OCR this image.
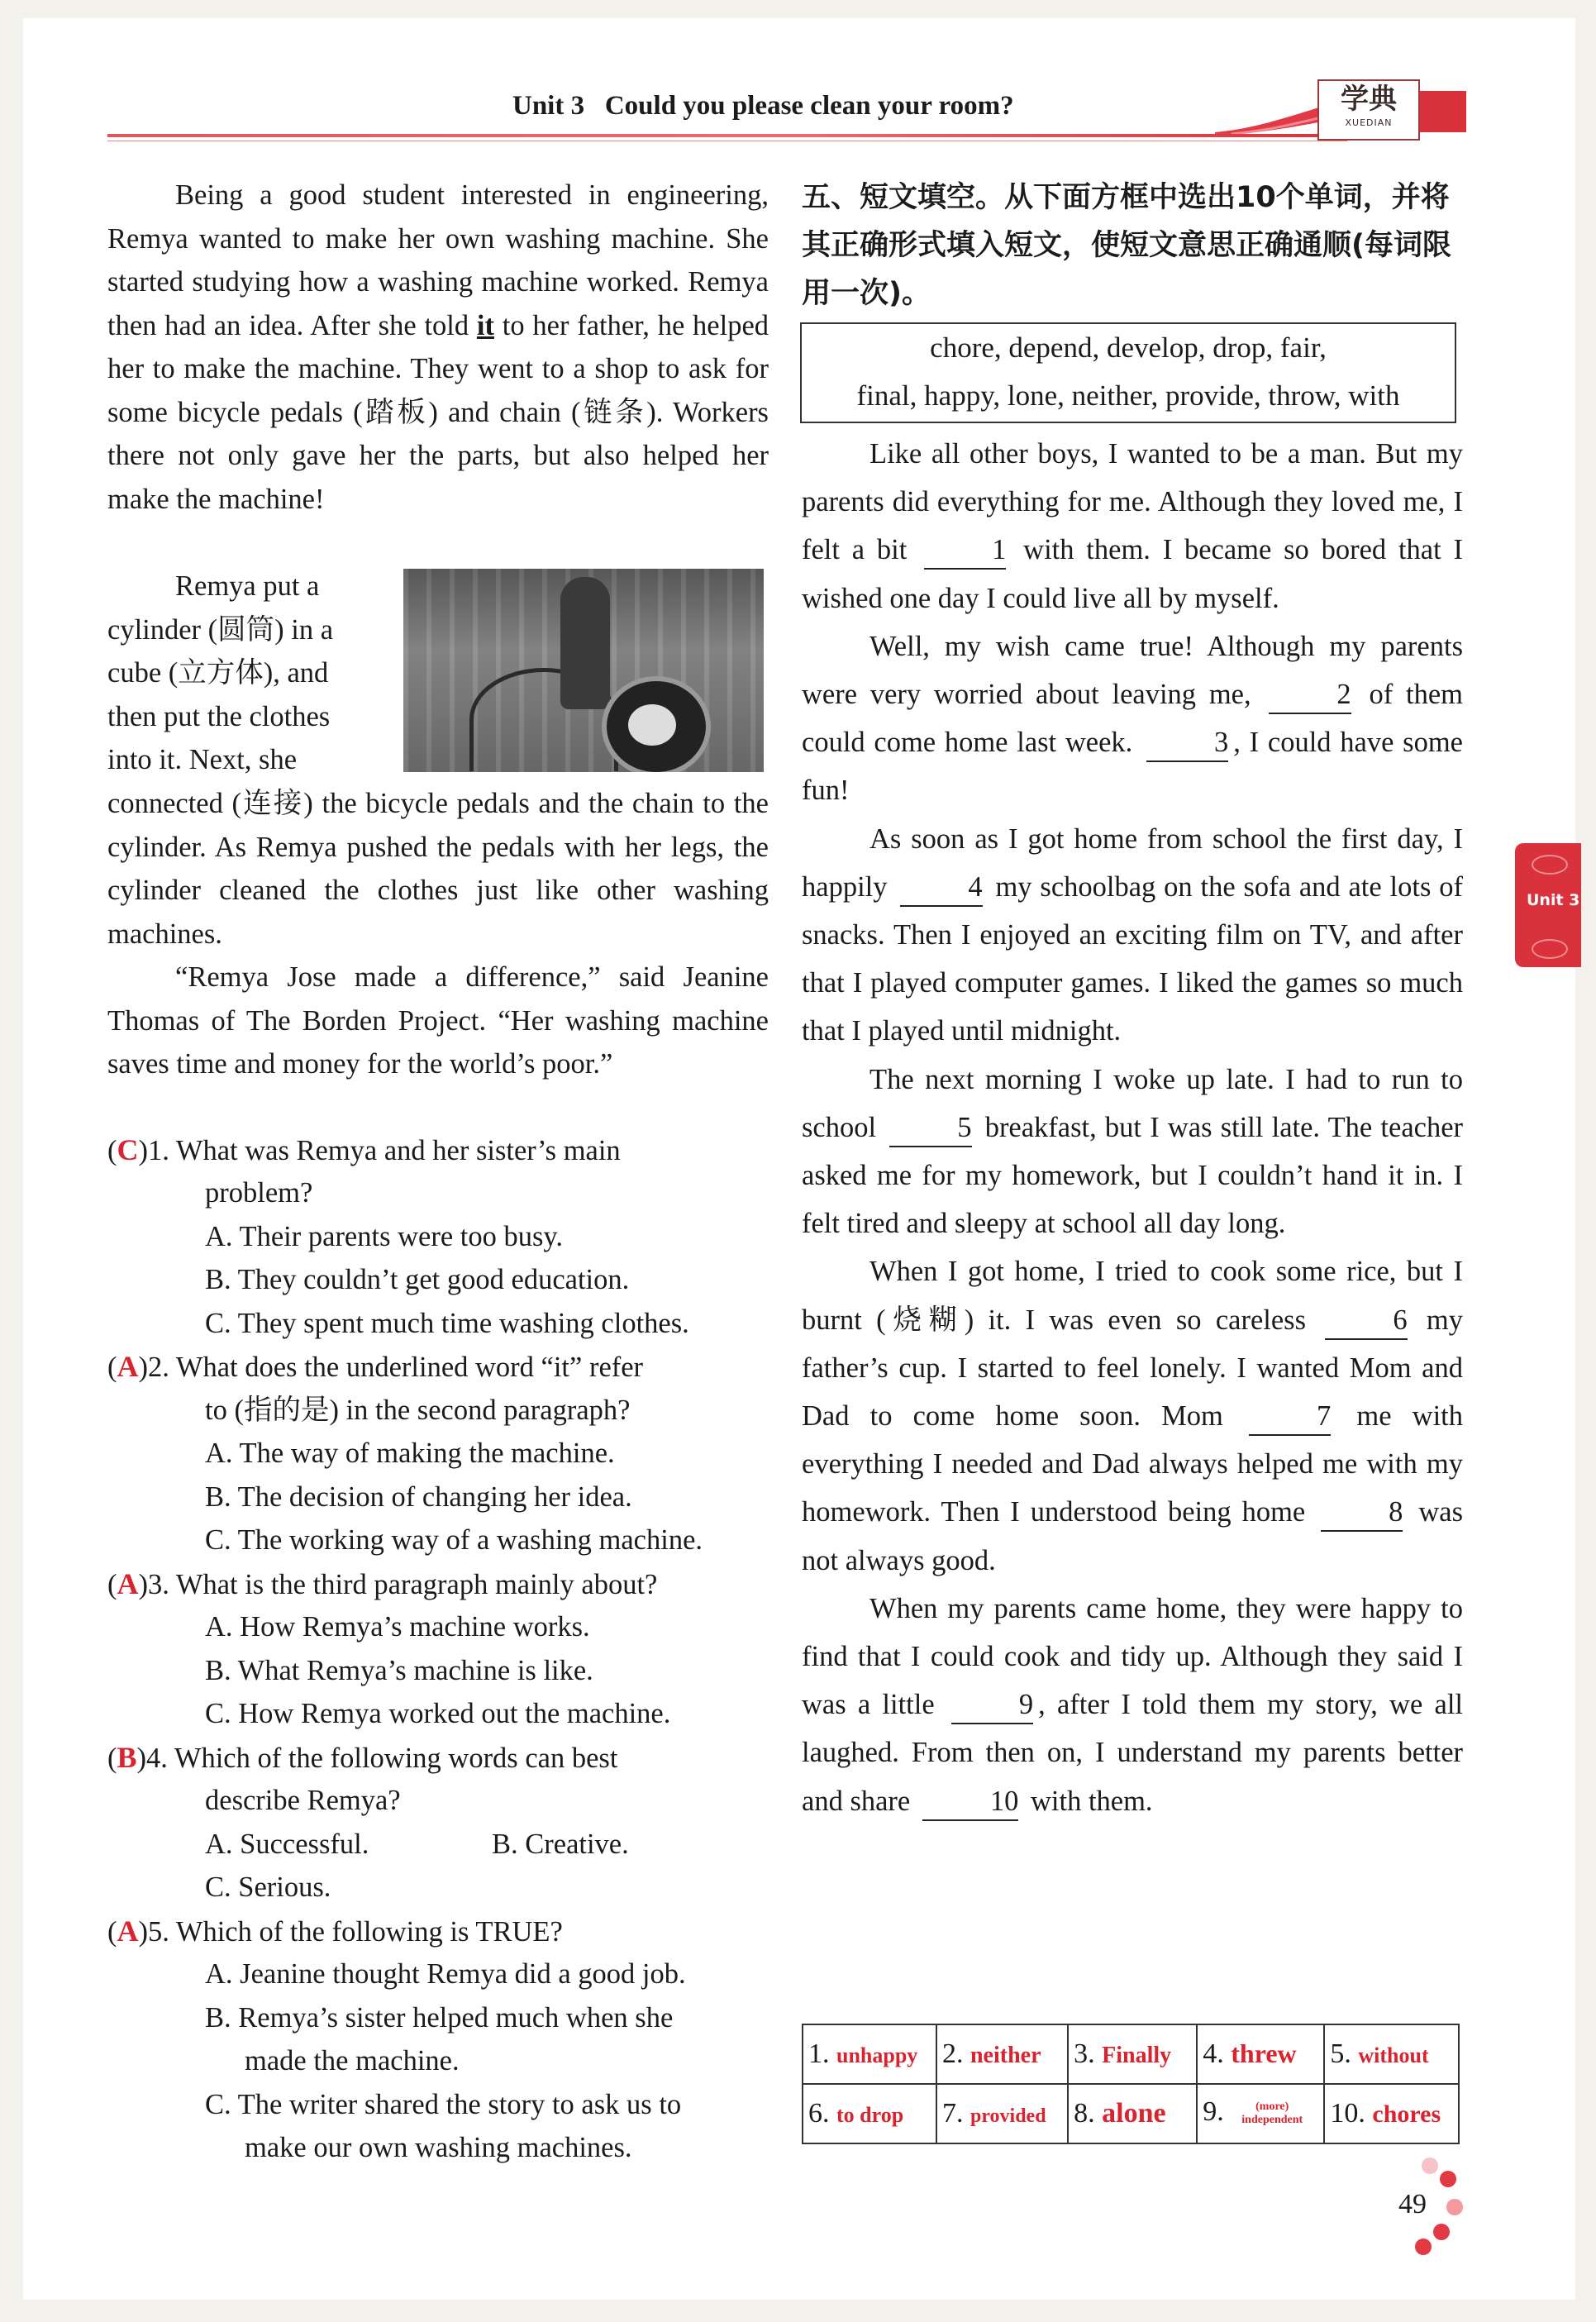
Unit 3   Could you please clean your room?	学典
XUEDIAN
Unit 3

Being a good student interested in engineering, Remya wanted to make her own washing machine. She started studying how a washing machine worked. Remya then had an idea. After she told it to her father, he helped her to make the machine. They went to a shop to ask for some bicycle pedals (踏板) and chain (链条). Workers there not only gave her the parts, but also helped her make the machine!

Remya put a
cylinder (圆筒) in a
cube (立方体), and
then put the clothes
into it. Next, she

connected (连接) the bicycle pedals and the chain to the cylinder. As Remya pushed the pedals with her legs, the cylinder cleaned the clothes just like other washing machines.

“Remya Jose made a difference,” said Jeanine Thomas of The Borden Project. “Her washing machine saves time and money for the world’s poor.”

(C)1. What was Remya and her sister’s main
problem?
A. Their parents were too busy.
B. They couldn’t get good education.
C. They spent much time washing clothes.
(A)2. What does the underlined word “it” refer
to (指的是) in the second paragraph?
A. The way of making the machine.
B. The decision of changing her idea.
C. The working way of a washing machine.
(A)3. What is the third paragraph mainly about?
A. How Remya’s machine works.
B. What Remya’s machine is like.
C. How Remya worked out the machine.
(B)4. Which of the following words can best
describe Remya?
A. Successful.	B. Creative.
C. Serious.
(A)5. Which of the following is TRUE?
A. Jeanine thought Remya did a good job.
B. Remya’s sister helped much when she
made the machine.
C. The writer shared the story to ask us to
make our own washing machines.
五、短文填空。从下面方框中选出10个单词，并将其正确形式填入短文，使短文意思正确通顺(每词限用一次)。
chore, depend, develop, drop, fair,
final, happy, lone, neither, provide, throw, with

Like all other boys, I wanted to be a man. But my parents did everything for me. Although they loved me, I felt a bit	1 with them. I became so bored that I wished one day I could live all by myself.

Well, my wish came true! Although my parents were very worried about leaving me,	2 of them could come home last week.	3 , I could have some fun!

As soon as I got home from school the first day, I happily	4 my schoolbag on the sofa and ate lots of snacks. Then I enjoyed an exciting film on TV, and after that I played computer games. I liked the games so much that I played until midnight.

The next morning I woke up late. I had to run to school	5 breakfast, but I was still late. The teacher asked me for my homework, but I couldn’t hand it in. I felt tired and sleepy at school all day long.

When I got home, I tried to cook some rice, but I burnt (烧糊) it. I was even so careless	6 my father’s cup. I started to feel lonely. I wanted Mom and Dad to come home soon. Mom	7 me with everything I needed and Dad always helped me with my homework. Then I understood being home	8 was not always good.

When my parents came home, they were happy to find that I could cook and tidy up. Although they said I was a little	9 , after I told them my story, we all laughed. From then on, I understand my parents better and share	10 with them.

1. unhappy	2. neither	3. Finally	4. threw	5. without
6. to drop	7. provided	8. alone	9. (more) independent	10. chores
49
